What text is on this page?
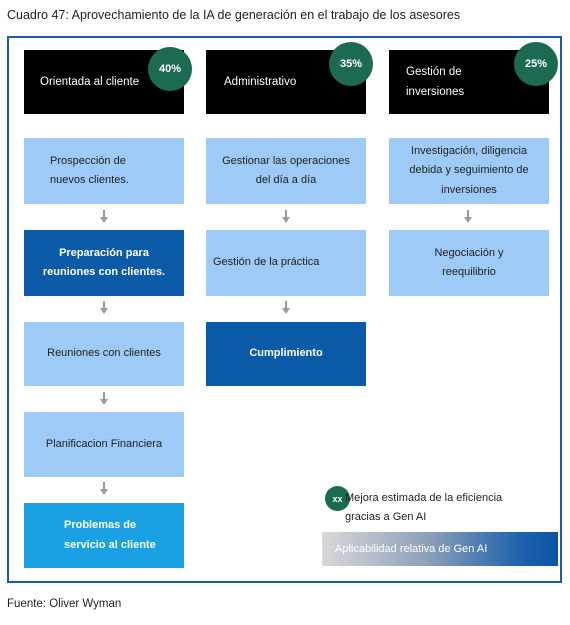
Cuadro 47: Aprovechamiento de la IA de generación en el trabajo de los asesores
Orientada al cliente
40%
Prospección de nuevos clientes.
Preparación para reuniones con clientes.
Reuniones con clientes
Planificacion Financiera
Problemas de servicio al cliente
Administrativo
35%
Gestionar las operaciones del día a día
Gestión de la práctica
Cumplimiento
Gestión de inversiones
25%
Investigación, diligencia debida y seguimiento de inversiones
Negociación y reequilibrio
xx Mejora estimada de la eficiencia gracias a Gen AI
Aplicabilidad relativa de Gen AI
Fuente: Oliver Wyman
